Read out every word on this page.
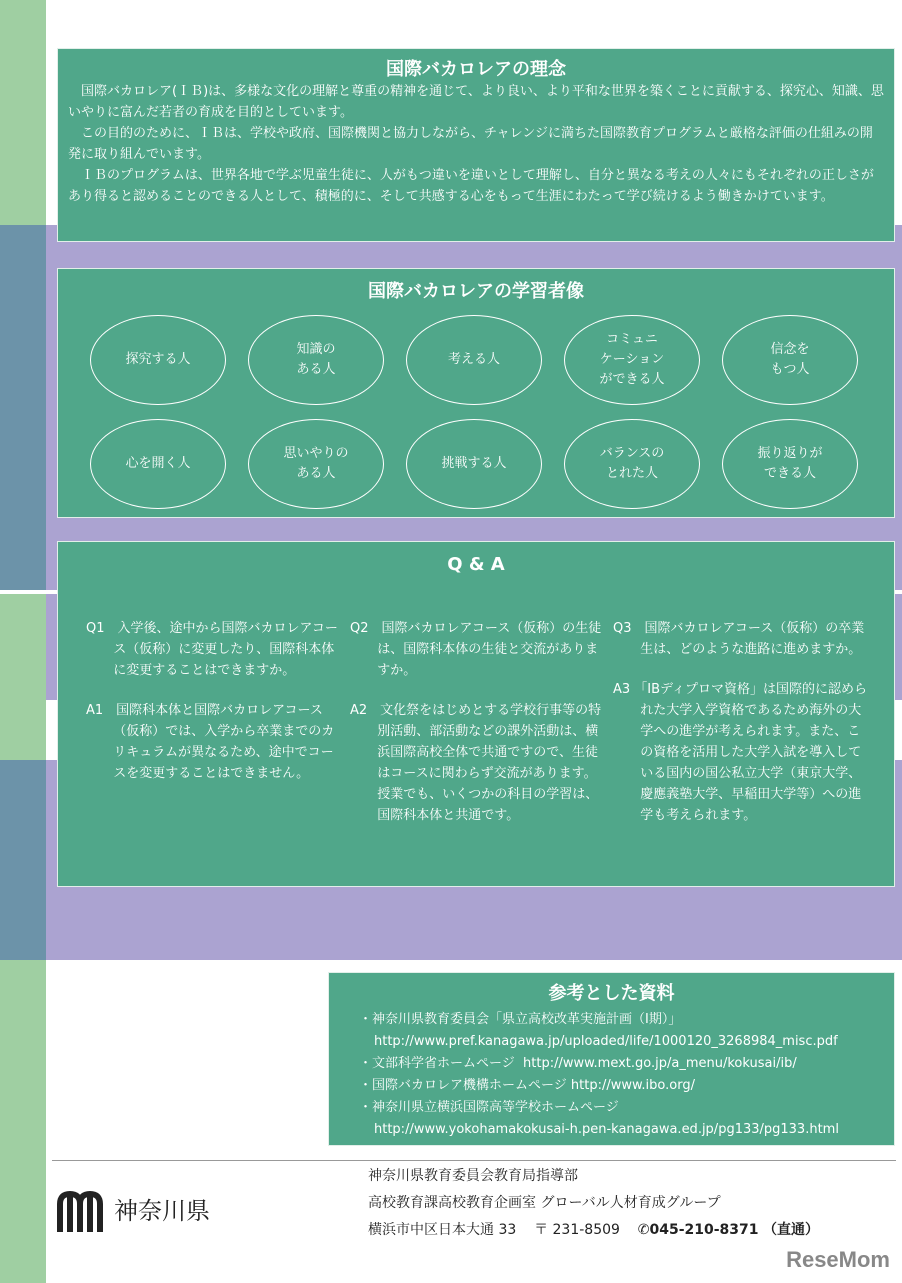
国際バカロレアの理念
国際バカロレア(ＩＢ)は、多様な文化の理解と尊重の精神を通じて、より良い、より平和な世界を築くことに貢献する、探究心、知識、思いやりに富んだ若者の育成を目的としています。
この目的のために、ＩＢは、学校や政府、国際機関と協力しながら、チャレンジに満ちた国際教育プログラムと厳格な評価の仕組みの開発に取り組んでいます。
ＩＢのプログラムは、世界各地で学ぶ児童生徒に、人がもつ違いを違いとして理解し、自分と異なる考えの人々にもそれぞれの正しさがあり得ると認めることのできる人として、積極的に、そして共感する心をもって生涯にわたって学び続けるよう働きかけています。
国際バカロレアの学習者像
探究する人
知識の
ある人
考える人
コミュニ
ケーション
ができる人
信念を
もつ人
心を開く人
思いやりの
ある人
挑戦する人
バランスの
とれた人
振り返りが
できる人
Q & A
Q1　入学後、途中から国際バカロレアコース（仮称）に変更したり、国際科本体に変更することはできますか。
A1　国際科本体と国際バカロレアコース（仮称）では、入学から卒業までのカリキュラムが異なるため、途中でコースを変更することはできません。
Q2　国際バカロレアコース（仮称）の生徒は、国際科本体の生徒と交流がありますか。
A2　文化祭をはじめとする学校行事等の特別活動、部活動などの課外活動は、横浜国際高校全体で共通ですので、生徒はコースに関わらず交流があります。授業でも、いくつかの科目の学習は、国際科本体と共通です。
Q3　国際バカロレアコース（仮称）の卒業生は、どのような進路に進めますか。
A3 「IBディプロマ資格」は国際的に認められた大学入学資格であるため海外の大学への進学が考えられます。また、この資格を活用した大学入試を導入している国内の国公私立大学（東京大学、慶應義塾大学、早稲田大学等）への進学も考えられます。
参考とした資料
・神奈川県教育委員会「県立高校改革実施計画（Ⅰ期）」
http://www.pref.kanagawa.jp/uploaded/life/1000120_3268984_misc.pdf
・文部科学省ホームページ http://www.mext.go.jp/a_menu/kokusai/ib/
・国際バカロレア機構ホームページ http://www.ibo.org/
・神奈川県立横浜国際高等学校ホームページ
http://www.yokohamakokusai-h.pen-kanagawa.ed.jp/pg133/pg133.html
神奈川県
神奈川県教育委員会教育局指導部
高校教育課高校教育企画室 グローバル人材育成グループ
横浜市中区日本大通 33 〒 231-8509 ✆045-210-8371 （直通）
ReseMom
